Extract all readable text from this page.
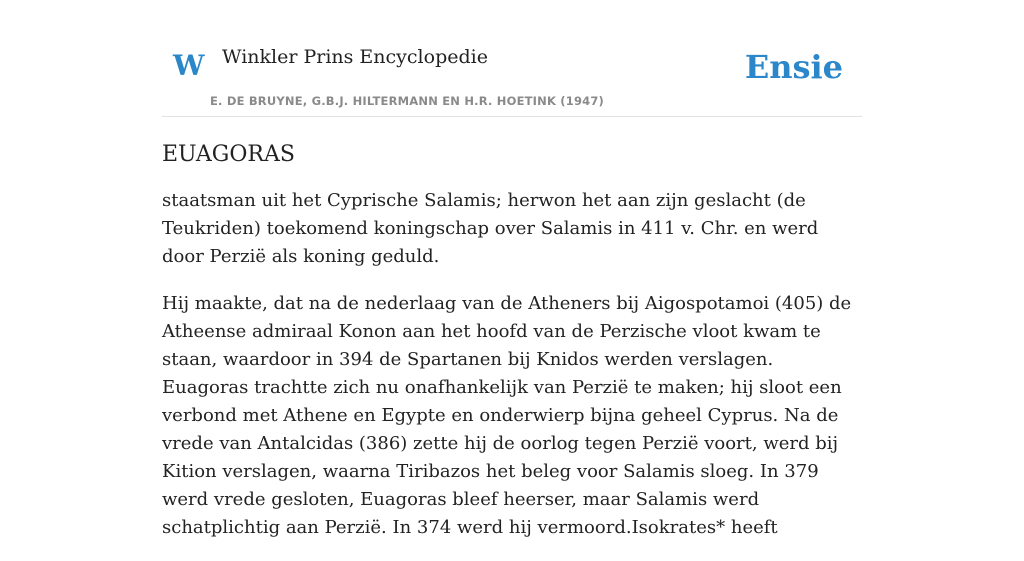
W Winkler Prins Encyclopedie
E. DE BRUYNE, G.B.J. HILTERMANN EN H.R. HOETINK (1947)
Ensie
EUAGORAS

staatsman uit het Cyprische Salamis; herwon het aan zijn geslacht (de Teukriden) toekomend koningschap over Salamis in 411 v. Chr. en werd door Perzië als koning geduld.

Hij maakte, dat na de nederlaag van de Atheners bij Aigospotamoi (405) de Atheense admiraal Konon aan het hoofd van de Perzische vloot kwam te staan, waardoor in 394 de Spartanen bij Knidos werden verslagen. Euagoras trachtte zich nu onafhankelijk van Perzië te maken; hij sloot een verbond met Athene en Egypte en onderwierp bijna geheel Cyprus. Na de vrede van Antalcidas (386) zette hij de oorlog tegen Perzië voort, werd bij Kition verslagen, waarna Tiribazos het beleg voor Salamis sloeg. In 379 werd vrede gesloten, Euagoras bleef heerser, maar Salamis werd schatplichtig aan Perzië. In 374 werd hij vermoord.Isokrates* heeft
